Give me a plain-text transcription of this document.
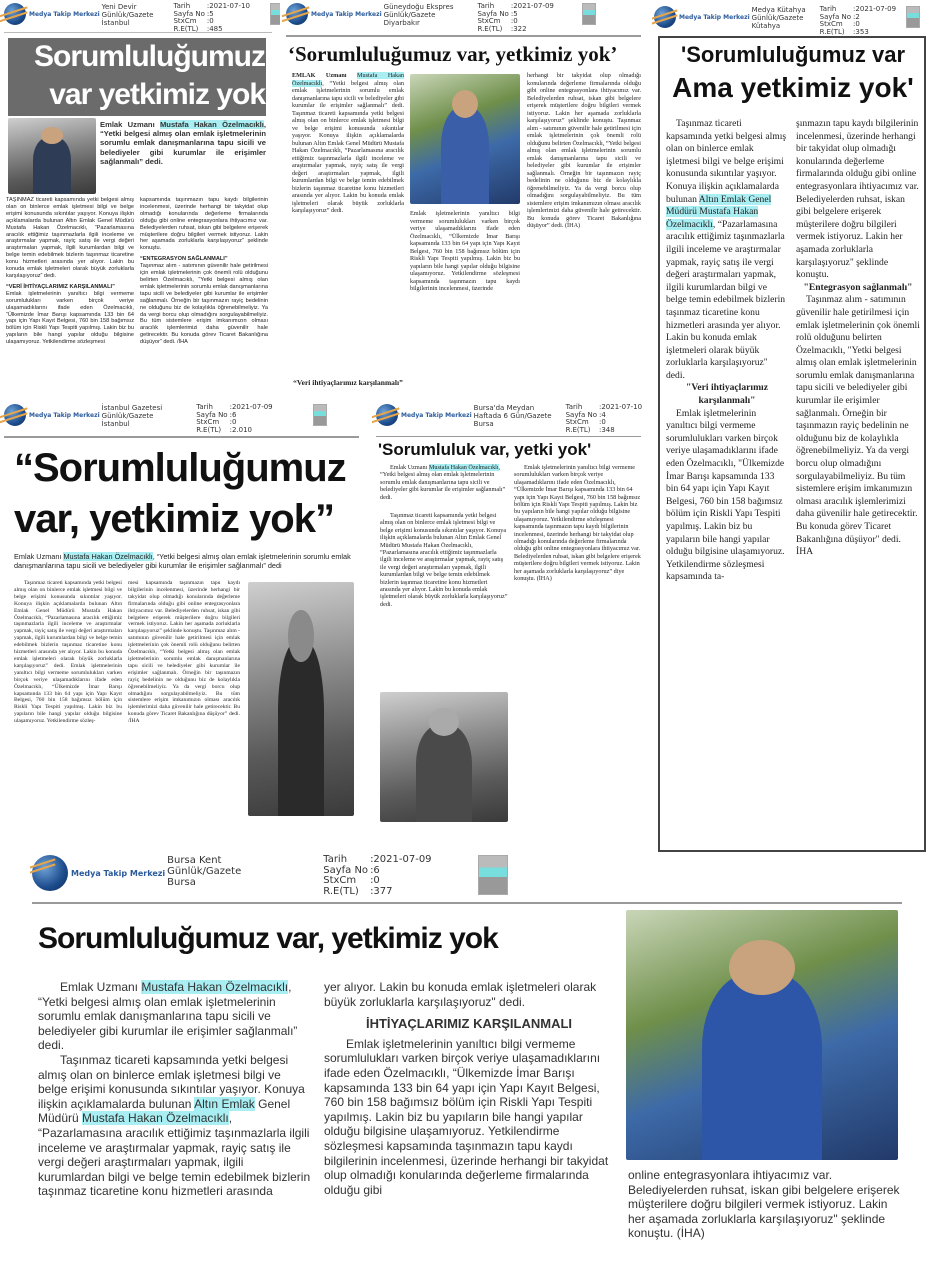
Medya Takip Merkezi
Yeni Devir
Günlük/Gazete
İstanbul
Tarih	:2021-07-10
Sayfa No :5
StxCm	:0
R.E(TL)	:485
Sorumluluğumuz var yetkimiz yok
Emlak Uzmanı Mustafa Hakan Özelmacıklı, “Yetki belgesi almış olan emlak işletmelerinin sorumlu emlak danışmanlarına tapu sicili ve belediyeler gibi kurumlar ile erişimler sağlanmalı” dedi.
TAŞINMAZ ticareti kapsamında yetki belgesi almış olan on binlerce emlak işletmesi bilgi ve belge erişimi konusunda sıkıntılar yaşıyor. Konuya ilişkin açıklamalarda bulunan Altın Emlak Genel Müdürü Mustafa Hakan Özelmacıklı, “Pazarlamasına aracılık ettiğimiz taşınmazlarla ilgili inceleme ve araştırmalar yapmak, rayiç satış ile vergi değeri araştırmaları yapmak, ilgili kurumlardan bilgi ve belge temin edebilmek bizlerin taşınmaz ticaretine konu hizmetleri arasında yer alıyor. Lakin bu konuda emlak işletmeleri olarak büyük zorluklarla karşılaşıyoruz” dedi.
“VERİ İHTİYAÇLARIMIZ KARŞILANMALI”
Emlak işletmelerinin yanıltıcı bilgi vermeme sorumlulukları varken birçok veriye ulaşamadıklarını ifade eden Özelmacıklı, “Ülkemizde İmar Barışı kapsamında 133 bin 64 yapı için Yapı Kayıt Belgesi, 760 bin 158 bağımsız bölüm için Riskli Yapı Tespiti yapılmış. Lakin biz bu yapıların bile hangi yapılar olduğu bilgisine ulaşamıyoruz. Yetkilendirme sözleşmesi
kapsamında taşınmazın tapu kaydı bilgilerinin incelenmesi, üzerinde herhangi bir takyidat olup olmadığı konularında değerleme firmalarında olduğu gibi online entegrasyonlara ihtiyacımız var. Belediyelerden ruhsat, iskan gibi belgelere erişerek müşterilere doğru bilgileri vermek istiyoruz. Lakin her aşamada zorluklarla karşılaşıyoruz” şeklinde konuştu.
“ENTEGRASYON SAĞLANMALI”
Taşınmaz alım - satımının güvenilir hale getirilmesi için emlak işletmelerinin çok önemli rolü olduğunu belirten Özelmacıklı, “Yetki belgesi almış olan emlak işletmelerinin sorumlu emlak danışmanlarına tapu sicili ve belediyeler gibi kurumlar ile erişimler sağlanmalı. Örneğin bir taşınmazın rayiç bedelinin ne olduğunu biz de kolaylıkla öğrenebilmeliyiz. Ya da vergi borcu olup olmadığını sorgulayabilmeliyiz. Bu tüm sistemlere erişim imkanımızın olması aracılık işlemlerimizi daha güvenilir hale getirecektir. Bu konuda görev Ticaret Bakanlığına düşüyor” dedi. /İHA
Medya Takip Merkezi
Güneydoğu Ekspres
Günlük/Gazete
Diyarbakır
Tarih	:2021-07-09
Sayfa No :5
StxCm	:0
R.E(TL)	:322
‘Sorumluluğumuz var, yetkimiz yok’
EMLAK Uzmanı Mustafa Hakan Özelmacıklı, “Yetki belgesi almış olan emlak işletmelerinin sorumlu emlak danışmanlarına tapu sicili ve belediyeler gibi kurumlar ile erişimler sağlanmalı” dedi. Taşınmaz ticareti kapsamında yetki belgesi almış olan on binlerce emlak işletmesi bilgi ve belge erişimi konusunda sıkıntılar yaşıyor. Konuya ilişkin açıklamalarda bulunan Altın Emlak Genel Müdürü Mustafa Hakan Özelmacıklı, “Pazarlamasına aracılık ettiğimiz taşınmazlarla ilgili inceleme ve araştırmalar yapmak, rayiç satış ile vergi değeri araştırmaları yapmak, ilgili kurumlardan bilgi ve belge temin edebilmek bizlerin taşınmaz ticaretine konu hizmetleri arasında yer alıyor. Lakin bu konuda emlak işletmeleri olarak büyük zorluklarla karşılaşıyoruz” dedi.
“Veri ihtiyaçlarımız karşılanmalı”
Emlak işletmelerinin yanıltıcı bilgi vermeme sorumlulukları varken birçok veriye ulaşamadıklarını ifade eden Özelmacıklı, “Ülkemizde İmar Barışı kapsamında 133 bin 64 yapı için Yapı Kayıt Belgesi, 760 bin 158 bağımsız bölüm için Riskli Yapı Tespiti yapılmış. Lakin biz bu yapıların bile hangi yapılar olduğu bilgisine ulaşamıyoruz. Yetkilendirme sözleşmesi kapsamında taşınmazın tapu kaydı bilgilerinin incelenmesi, üzerinde
herhangi bir takyidat olup olmadığı konularında değerleme firmalarında olduğu gibi online entegrasyonlara ihtiyacımız var. Belediyelerden ruhsat, iskan gibi belgelere erişerek müşterilere doğru bilgileri vermek istiyoruz. Lakin her aşamada zorluklarla karşılaşıyoruz” şeklinde konuştu. Taşınmaz alım - satımının güvenilir hale getirilmesi için emlak işletmelerinin çok önemli rolü olduğunu belirten Özelmacıklı, “Yetki belgesi almış olan emlak işletmelerinin sorumlu emlak danışmanlarına tapu sicili ve belediyeler gibi kurumlar ile erişimler sağlanmalı. Örneğin bir taşınmazın rayiç bedelinin ne olduğunu biz de kolaylıkla öğrenebilmeliyiz. Ya da vergi borcu olup olmadığını sorgulayabilmeliyiz. Bu tüm sistemlere erişim imkanımızın olması aracılık işlemlerimizi daha güvenilir hale getirecektir. Bu konuda görev Ticaret Bakanlığına düşüyor” dedi. (İHA)
Medya Takip Merkezi
Medya Kütahya
Günlük/Gazete
Kütahya
Tarih	:2021-07-09
Sayfa No :2
StxCm	:0
R.E(TL)	:353
'Sorumluluğumuz var
Ama yetkimiz yok'
Taşınmaz ticareti kapsamında yetki belgesi almış olan on binlerce emlak işletmesi bilgi ve belge erişimi konusunda sıkıntılar yaşıyor. Konuya ilişkin açıklamalarda bulunan Altın Emlak Genel Müdürü Mustafa Hakan Özelmacıklı, “Pazarlamasına aracılık ettiğimiz taşınmazlarla ilgili inceleme ve araştırmalar yapmak, rayiç satış ile vergi değeri araştırmaları yapmak, ilgili kurumlardan bilgi ve belge temin edebilmek bizlerin taşınmaz ticaretine konu hizmetleri arasında yer alıyor. Lakin bu konuda emlak işletmeleri olarak büyük zorluklarla karşılaşıyoruz" dedi.
"Veri ihtiyaçlarımız karşılanmalı"
Emlak işletmelerinin yanıltıcı bilgi vermeme sorumlulukları varken birçok veriye ulaşamadıklarını ifade eden Özelmacıklı, "Ülkemizde İmar Barışı kapsamında 133 bin 64 yapı için Yapı Kayıt Belgesi, 760 bin 158 bağımsız bölüm için Riskli Yapı Tespiti yapılmış. Lakin biz bu yapıların bile hangi yapılar olduğu bilgisine ulaşamıyoruz. Yetkilendirme sözleşmesi kapsamında ta-
şınmazın tapu kaydı bilgilerinin incelenmesi, üzerinde herhangi bir takyidat olup olmadığı konularında değerleme firmalarında olduğu gibi online entegrasyonlara ihtiyacımız var. Belediyelerden ruhsat, iskan gibi belgelere erişerek müşterilere doğru bilgileri vermek istiyoruz. Lakin her aşamada zorluklarla karşılaşıyoruz" şeklinde konuştu.
"Entegrasyon sağlanmalı"
Taşınmaz alım - satımının güvenilir hale getirilmesi için emlak işletmelerinin çok önemli rolü olduğunu belirten Özelmacıklı, "Yetki belgesi almış olan emlak işletmelerinin sorumlu emlak danışmanlarına tapu sicili ve belediyeler gibi kurumlar ile erişimler sağlanmalı. Örneğin bir taşınmazın rayiç bedelinin ne olduğunu biz de kolaylıkla öğrenebilmeliyiz. Ya da vergi borcu olup olmadığını sorgulayabilmeliyiz. Bu tüm sistemlere erişim imkanımızın olması aracılık işlemlerimizi daha güvenilir hale getirecektir. Bu konuda görev Ticaret Bakanlığına düşüyor" dedi. İHA
Medya Takip Merkezi
İstanbul Gazetesi
Günlük/Gazete
İstanbul
Tarih	:2021-07-09
Sayfa No :6
StxCm	:0
R.E(TL)	:2.010
“Sorumluluğumuz
var, yetkimiz yok”
Emlak Uzmanı Mustafa Hakan Özelmacıklı, “Yetki belgesi almış olan emlak işletmelerinin sorumlu emlak danışmanlarına tapu sicili ve belediyeler gibi kurumlar ile erişimler sağlanmalı” dedi
Taşınmaz ticareti kapsamında yetki belgesi almış olan on binlerce emlak işletmesi bilgi ve belge erişimi konusunda sıkıntılar yaşıyor. Konuya ilişkin açıklamalarda bulunan Altın Emlak Genel Müdürü Mustafa Hakan Özelmacıklı, “Pazarlamasına aracılık ettiğimiz taşınmazlarla ilgili inceleme ve araştırmalar yapmak, rayiç satış ile vergi değeri araştırmaları yapmak, ilgili kurumlardan bilgi ve belge temin edebilmek bizlerin taşınmaz ticaretine konu hizmetleri arasında yer alıyor. Lakin bu konuda emlak işletmeleri olarak büyük zorluklarla karşılaşıyoruz” dedi. Emlak işletmelerinin yanıltıcı bilgi vermeme sorumlulukları varken birçok veriye ulaşamadıklarını ifade eden Özelmacıklı, “Ülkemizde İmar Barışı kapsamında 133 bin 64 yapı için Yapı Kayıt Belgesi, 760 bin 158 bağımsız bölüm için Riskli Yapı Tespiti yapılmış. Lakin biz bu yapıların bile hangi yapılar olduğu bilgisine ulaşamıyoruz. Yetkilendirme sözleş-
mesi kapsamında taşınmazın tapu kaydı bilgilerinin incelenmesi, üzerinde herhangi bir takyidat olup olmadığı konularında değerleme firmalarında olduğu gibi online entegrasyonlara ihtiyacımız var. Belediyelerden ruhsat, iskan gibi belgelere erişerek müşterilere doğru bilgileri vermek istiyoruz. Lakin her aşamada zorluklarla karşılaşıyoruz” şeklinde konuştu. Taşınmaz alım - satımının güvenilir hale getirilmesi için emlak işletmelerinin çok önemli rolü olduğunu belirten Özelmacıklı, “Yetki belgesi almış olan emlak işletmelerinin sorumlu emlak danışmanlarına tapu sicili ve belediyeler gibi kurumlar ile erişimler sağlanmalı. Örneğin bir taşınmazın rayiç bedelinin ne olduğunu biz de kolaylıkla öğrenebilmeliyiz. Ya da vergi borcu olup olmadığını sorgulayabilmeliyiz. Bu tüm sistemlere erişim imkanımızın olması aracılık işlemlerimizi daha güvenilir hale getirecektir. Bu konuda görev Ticaret Bakanlığına düşüyor” dedi. /İHA
Medya Takip Merkezi
Bursa'da Meydan
Haftada 6 Gün/Gazete
Bursa
Tarih	:2021-07-10
Sayfa No :4
StxCm	:0
R.E(TL)	:348
'Sorumluluk var, yetki yok'
Emlak Uzmanı Mustafa Hakan Özelmacıklı, “Yetki belgesi almış olan emlak işletmelerinin sorumlu emlak danışmanlarına tapu sicili ve belediyeler gibi kurumlar ile erişimler sağlanmalı” dedi.
Taşınmaz ticareti kapsamında yetki belgesi almış olan on binlerce emlak işletmesi bilgi ve belge erişimi konusunda sıkıntılar yaşıyor. Konuya ilişkin açıklamalarda bulunan Altın Emlak Genel Müdürü Mustafa Hakan Özelmacıklı, “Pazarlamasına aracılık ettiğimiz taşınmazlarla ilgili inceleme ve araştırmalar yapmak, rayiç satış ile vergi değeri araştırmaları yapmak, ilgili kurumlardan bilgi ve belge temin edebilmek bizlerin taşınmaz ticaretine konu hizmetleri arasında yer alıyor. Lakin bu konuda emlak işletmeleri olarak büyük zorluklarla karşılaşıyoruz” dedi.
Emlak işletmelerinin yanıltıcı bilgi vermeme sorumlulukları varken birçok veriye ulaşamadıklarını ifade eden Özelmacıklı, “Ülkemizde İmar Barışı kapsamında 133 bin 64 yapı için Yapı Kayıt Belgesi, 760 bin 158 bağımsız bölüm için Riskli Yapı Tespiti yapılmış. Lakin biz bu yapıların bile hangi yapılar olduğu bilgisine ulaşamıyoruz. Yetkilendirme sözleşmesi kapsamında taşınmazın tapu kaydı bilgilerinin incelenmesi, üzerinde herhangi bir takyidat olup olmadığı konularında değerleme firmalarında olduğu gibi online entegrasyonlara ihtiyacımız var. Belediyelerden ruhsat, iskan gibi belgelere erişerek müşterilere doğru bilgileri vermek istiyoruz. Lakin her aşamada zorluklarla karşılaşıyoruz” diye konuştu. (İHA)
Medya Takip Merkezi
Bursa Kent
Günlük/Gazete
Bursa
Tarih	:2021-07-09
Sayfa No :6
StxCm	:0
R.E(TL)	:377
Sorumluluğumuz var, yetkimiz yok
Emlak Uzmanı Mustafa Hakan Özelmacıklı, “Yetki belgesi almış olan emlak işletmelerinin sorumlu emlak danışmanlarına tapu sicili ve belediyeler gibi kurumlar ile erişimler sağlanmalı” dedi.
Taşınmaz ticareti kapsamında yetki belgesi almış olan on binlerce emlak işletmesi bilgi ve belge erişimi konusunda sıkıntılar yaşıyor. Konuya ilişkin açıklamalarda bulunan Altın Emlak Genel Müdürü Mustafa Hakan Özelmacıklı, “Pazarlamasına aracılık ettiğimiz taşınmazlarla ilgili inceleme ve araştırmalar yapmak, rayiç satış ile vergi değeri araştırmaları yapmak, ilgili kurumlardan bilgi ve belge temin edebilmek bizlerin taşınmaz ticaretine konu hizmetleri arasında
yer alıyor. Lakin bu konuda emlak işletmeleri olarak büyük zorluklarla karşılaşıyoruz" dedi.
İHTİYAÇLARIMIZ KARŞILANMALI
Emlak işletmelerinin yanıltıcı bilgi vermeme sorumlulukları varken birçok veriye ulaşamadıklarını ifade eden Özelmacıklı, “Ülkemizde İmar Barışı kapsamında 133 bin 64 yapı için Yapı Kayıt Belgesi, 760 bin 158 bağımsız bölüm için Riskli Yapı Tespiti yapılmış. Lakin biz bu yapıların bile hangi yapılar olduğu bilgisine ulaşamıyoruz. Yetkilendirme sözleşmesi kapsamında taşınmazın tapu kaydı bilgilerinin incelenmesi, üzerinde herhangi bir takyidat olup olmadığı konularında değerleme firmalarında olduğu gibi
online entegrasyonlara ihtiyacımız var. Belediyelerden ruhsat, iskan gibi belgelere erişerek müşterilere doğru bilgileri vermek istiyoruz. Lakin her aşamada zorluklarla karşılaşıyoruz" şeklinde konuştu. (İHA)
